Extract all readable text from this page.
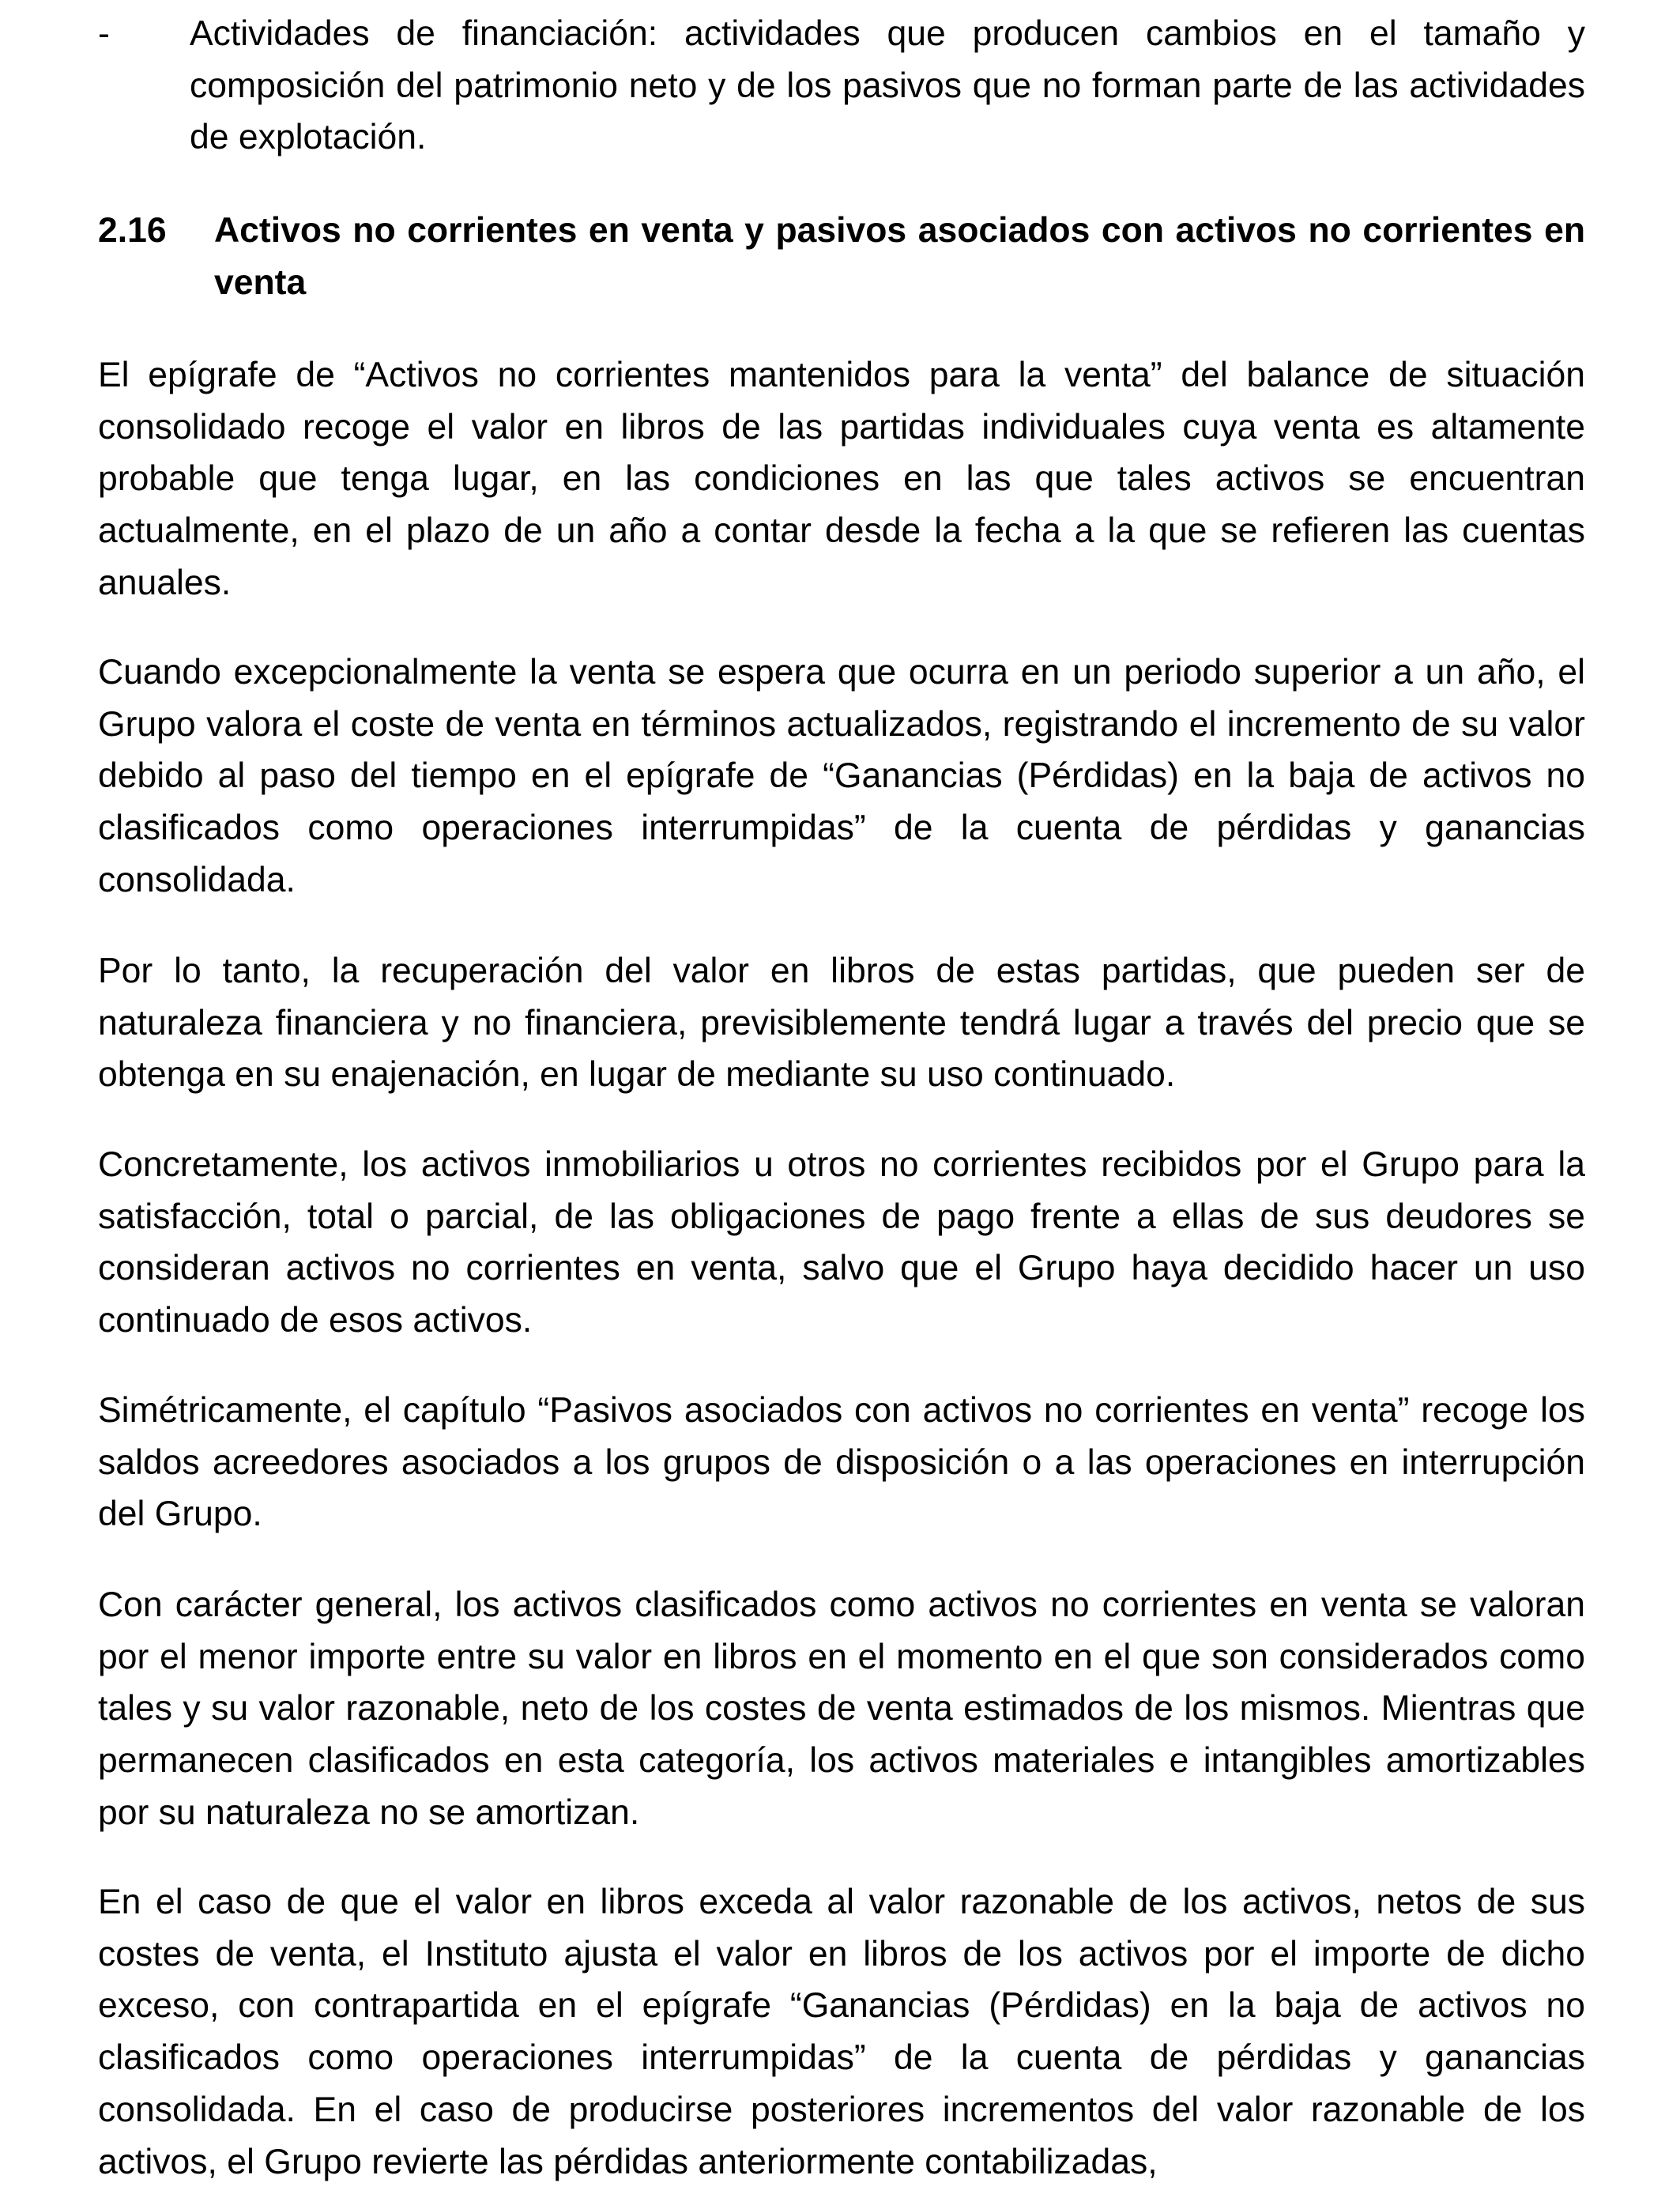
- Actividades de financiación: actividades que producen cambios en el tamaño y composición del patrimonio neto y de los pasivos que no forman parte de las actividades de explotación.

2.16 Activos no corrientes en venta y pasivos asociados con activos no corrientes en venta

El epígrafe de “Activos no corrientes mantenidos para la venta” del balance de situación consolidado recoge el valor en libros de las partidas individuales cuya venta es altamente probable que tenga lugar, en las condiciones en las que tales activos se encuentran actualmente, en el plazo de un año a contar desde la fecha a la que se refieren las cuentas anuales.

Cuando excepcionalmente la venta se espera que ocurra en un periodo superior a un año, el Grupo valora el coste de venta en términos actualizados, registrando el incremento de su valor debido al paso del tiempo en el epígrafe de “Ganancias (Pérdidas) en la baja de activos no clasificados como operaciones interrumpidas” de la cuenta de pérdidas y ganancias consolidada.

Por lo tanto, la recuperación del valor en libros de estas partidas, que pueden ser de naturaleza financiera y no financiera, previsiblemente tendrá lugar a través del precio que se obtenga en su enajenación, en lugar de mediante su uso continuado.

Concretamente, los activos inmobiliarios u otros no corrientes recibidos por el Grupo para la satisfacción, total o parcial, de las obligaciones de pago frente a ellas de sus deudores se consideran activos no corrientes en venta, salvo que el Grupo haya decidido hacer un uso continuado de esos activos.

Simétricamente, el capítulo “Pasivos asociados con activos no corrientes en venta” recoge los saldos acreedores asociados a los grupos de disposición o a las operaciones en interrupción del Grupo.

Con carácter general, los activos clasificados como activos no corrientes en venta se valoran por el menor importe entre su valor en libros en el momento en el que son considerados como tales y su valor razonable, neto de los costes de venta estimados de los mismos. Mientras que permanecen clasificados en esta categoría, los activos materiales e intangibles amortizables por su naturaleza no se amortizan.

En el caso de que el valor en libros exceda al valor razonable de los activos, netos de sus costes de venta, el Instituto ajusta el valor en libros de los activos por el importe de dicho exceso, con contrapartida en el epígrafe “Ganancias (Pérdidas) en la baja de activos no clasificados como operaciones interrumpidas” de la cuenta de pérdidas y ganancias consolidada. En el caso de producirse posteriores incrementos del valor razonable de los activos, el Grupo revierte las pérdidas anteriormente contabilizadas,
